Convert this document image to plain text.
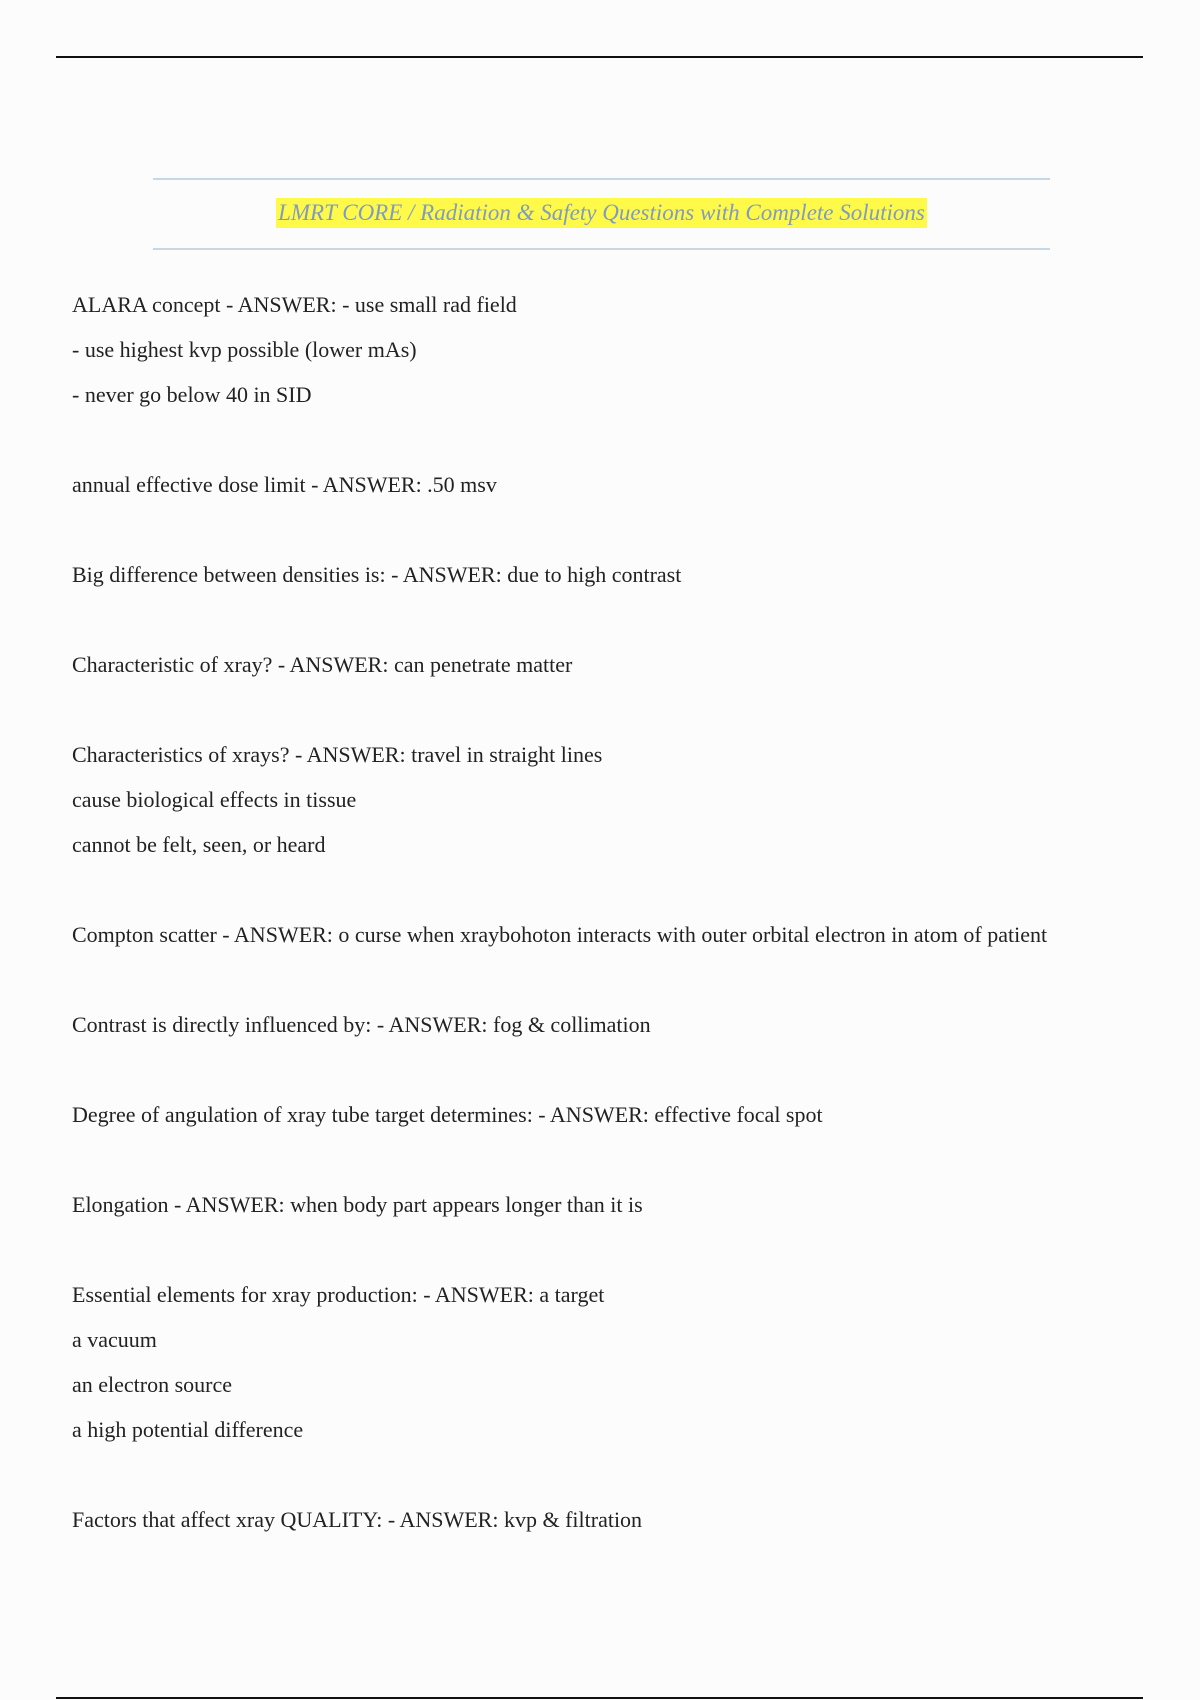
LMRT CORE / Radiation & Safety Questions with Complete Solutions
ALARA concept - ANSWER: - use small rad field
- use highest kvp possible (lower mAs)
- never go below 40 in SID
annual effective dose limit - ANSWER: .50 msv
Big difference between densities is: - ANSWER: due to high contrast
Characteristic of xray? - ANSWER: can penetrate matter
Characteristics of xrays? - ANSWER: travel in straight lines
cause biological effects in tissue
cannot be felt, seen, or heard
Compton scatter - ANSWER: o curse when xraybohoton interacts with outer orbital electron in atom of patient
Contrast is directly influenced by: - ANSWER: fog & collimation
Degree of angulation of xray tube target determines: - ANSWER: effective focal spot
Elongation - ANSWER: when body part appears longer than it is
Essential elements for xray production: - ANSWER: a target
a vacuum
an electron source
a high potential difference
Factors that affect xray QUALITY: - ANSWER: kvp & filtration
